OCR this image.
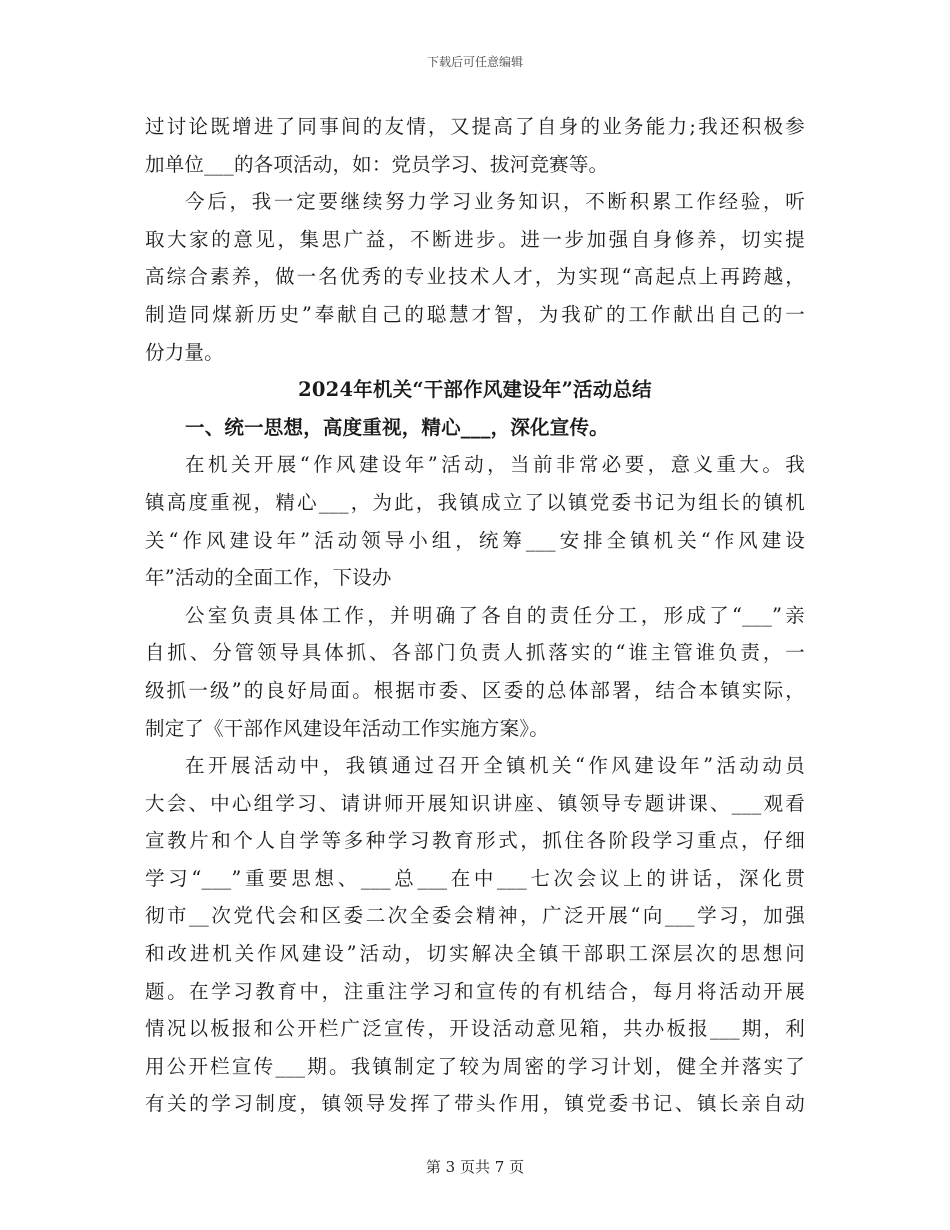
下载后可任意编辑
过讨论既增进了同事间的友情，又提高了自身的业务能力;我还积极参
加单位___的各项活动，如：党员学习、拔河竞赛等。
今后，我一定要继续努力学习业务知识，不断积累工作经验，听
取大家的意见，集思广益，不断进步。进一步加强自身修养，切实提
高综合素养，做一名优秀的专业技术人才，为实现“高起点上再跨越，
制造同煤新历史”奉献自己的聪慧才智，为我矿的工作献出自己的一
份力量。
2024年机关“干部作风建设年”活动总结
一、统一思想，高度重视，精心___，深化宣传。
在机关开展“作风建设年”活动，当前非常必要，意义重大。我
镇高度重视，精心___，为此，我镇成立了以镇党委书记为组长的镇机
关“作风建设年”活动领导小组，统筹___安排全镇机关“作风建设
年”活动的全面工作，下设办
公室负责具体工作，并明确了各自的责任分工，形成了“___”亲
自抓、分管领导具体抓、各部门负责人抓落实的“谁主管谁负责，一
级抓一级”的良好局面。根据市委、区委的总体部署，结合本镇实际，
制定了《干部作风建设年活动工作实施方案》。
在开展活动中，我镇通过召开全镇机关“作风建设年”活动动员
大会、中心组学习、请讲师开展知识讲座、镇领导专题讲课、___观看
宣教片和个人自学等多种学习教育形式，抓住各阶段学习重点，仔细
学习“___”重要思想、___总___在中___七次会议上的讲话，深化贯
彻市__次党代会和区委二次全委会精神，广泛开展“向___学习，加强
和改进机关作风建设”活动，切实解决全镇干部职工深层次的思想问
题。在学习教育中，注重注学习和宣传的有机结合，每月将活动开展
情况以板报和公开栏广泛宣传，开设活动意见箱，共办板报___期，利
用公开栏宣传___期。我镇制定了较为周密的学习计划，健全并落实了
有关的学习制度，镇领导发挥了带头作用，镇党委书记、镇长亲自动
第 3 页共 7 页
